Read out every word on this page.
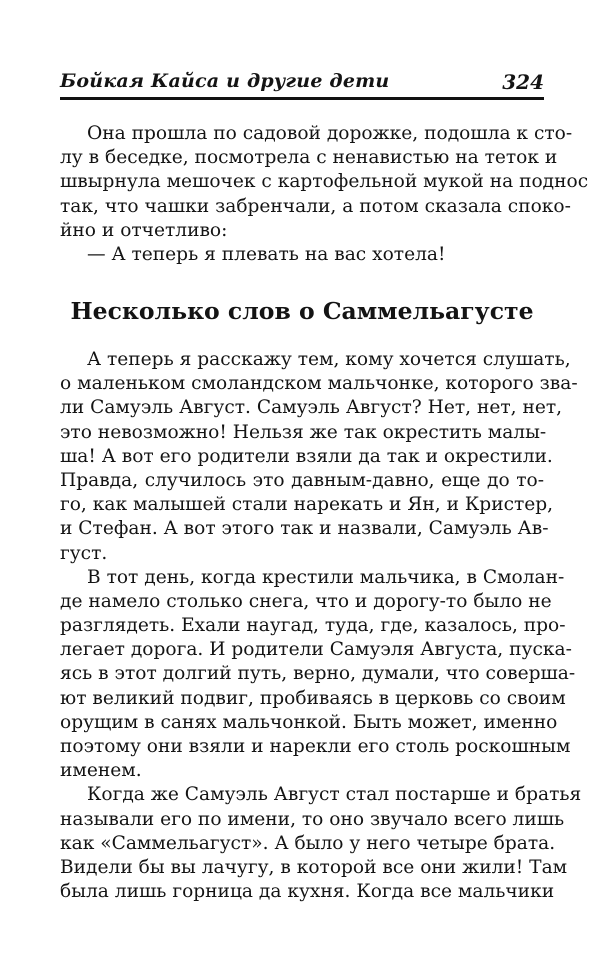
Бойкая Кайса и другие дети	324
Она прошла по садовой дорожке, подошла к сто-
лу в беседке, посмотрела с ненавистью на теток и
швырнула мешочек с картофельной мукой на поднос
так, что чашки забренчали, а потом сказала споко-
йно и отчетливо:
— А теперь я плевать на вас хотела!
Несколько слов о Саммельагусте
А теперь я расскажу тем, кому хочется слушать,
о маленьком смоландском мальчонке, которого зва-
ли Самуэль Август. Самуэль Август? Нет, нет, нет,
это невозможно! Нельзя же так окрестить малы-
ша! А вот его родители взяли да так и окрестили.
Правда, случилось это давным-давно, еще до то-
го, как малышей стали нарекать и Ян, и Кристер,
и Стефан. А вот этого так и назвали, Самуэль Ав-
густ.
В тот день, когда крестили мальчика, в Смолан-
де намело столько снега, что и дорогу-то было не
разглядеть. Ехали наугад, туда, где, казалось, про-
легает дорога. И родители Самуэля Августа, пуска-
ясь в этот долгий путь, верно, думали, что совершa-
ют великий подвиг, пробиваясь в церковь со своим
орущим в санях мальчонкой. Быть может, именно
поэтому они взяли и нарекли его столь роскошным
именем.
Когда же Самуэль Август стал постарше и братья
называли его по имени, то оно звучало всего лишь
как «Саммельагуст». А было у него четыре брата.
Видели бы вы лачугу, в которой все они жили! Там
была лишь горница да кухня. Когда все мальчики
